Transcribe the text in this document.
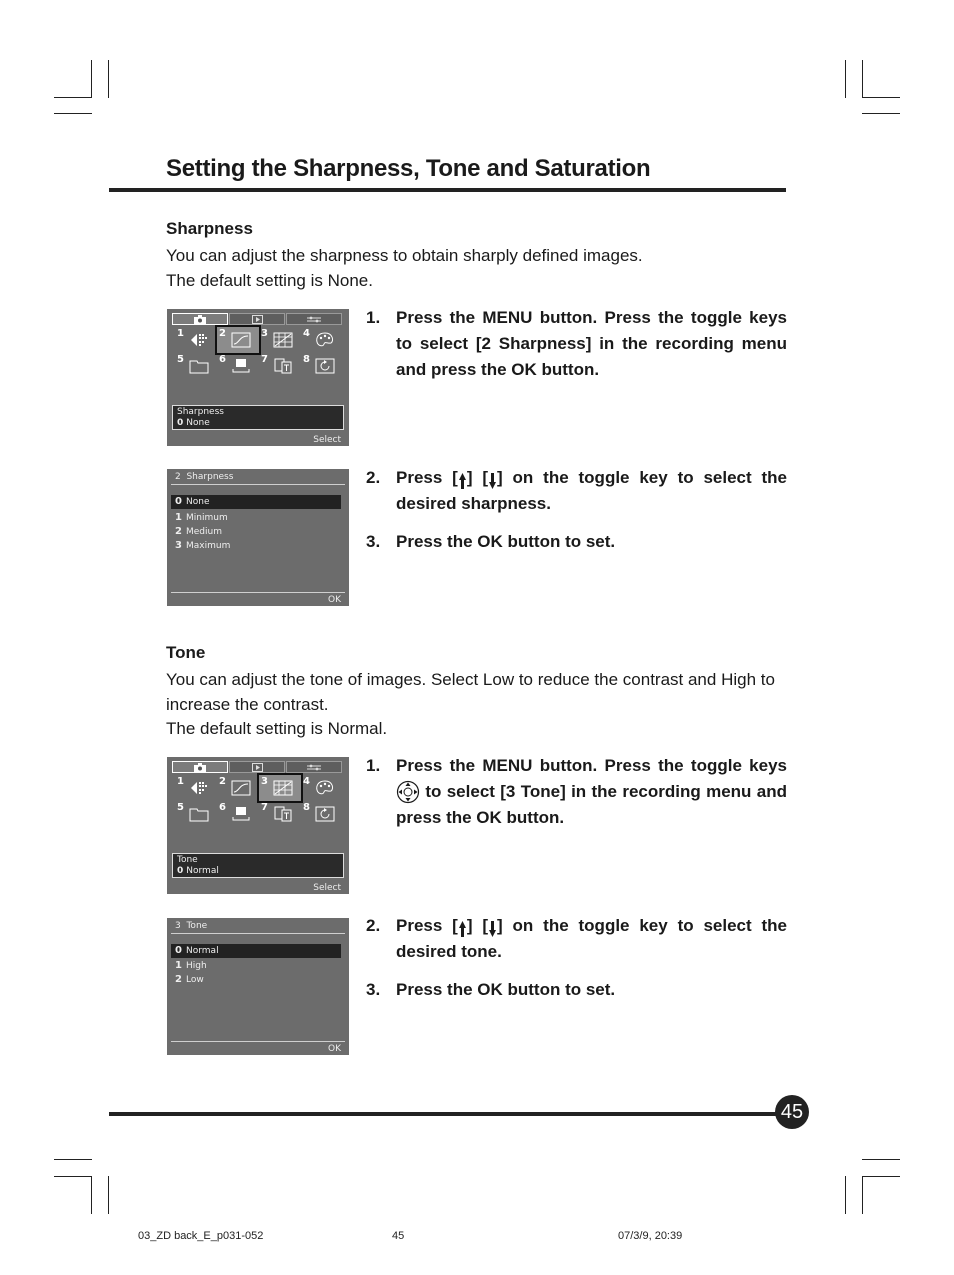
Setting the Sharpness, Tone and Saturation
Sharpness
You can adjust the sharpness to obtain sharply defined images.
The default setting is None.
1	2	3	4
5	6	7	8
Sharpness
0 None
Select
1. Press the MENU button. Press the toggle keys to select [2 Sharpness] in the recording menu and press the OK button.
2 Sharpness
0 None
1 Minimum
2 Medium
3 Maximum
OK
2. Press [ ] [ ] on the toggle key to select the desired sharpness.
3. Press the OK button to set.
Tone
You can adjust the tone of images. Select Low to reduce the contrast and High to increase the contrast.
The default setting is Normal.
1	2	3	4
5	6	7	8
Tone
0 Normal
Select
1. Press the MENU button. Press the toggle keys  to select [3 Tone] in the recording menu and press the OK button.
3 Tone
0 Normal
1 High
2 Low
OK
2. Press [ ] [ ] on the toggle key to select the desired tone.
3. Press the OK button to set.
45
03_ZD back_E_p031-052	45	07/3/9, 20:39
